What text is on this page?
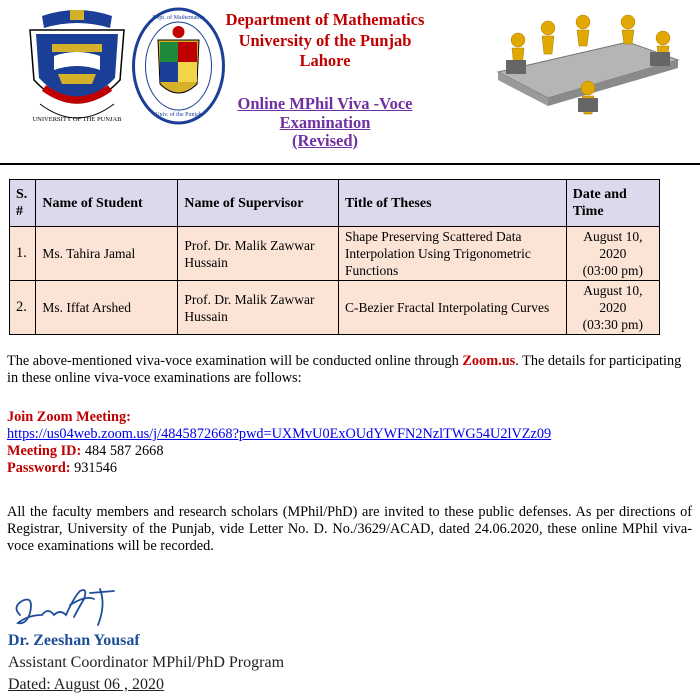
UNIVERSITY OF THE PUNJAB
Dept. of Mathematics
Univ. of the Punjab
Department of Mathematics
University of the Punjab
Lahore
Online MPhil Viva -Voce
Examination
(Revised)
S. #	Name of Student	Name of Supervisor	Title of Theses	Date and Time
1.	Ms. Tahira Jamal	Prof. Dr. Malik Zawwar Hussain	Shape Preserving Scattered Data Interpolation Using Trigonometric Functions	August 10, 2020
(03:00 pm)

2.	Ms. Iffat Arshed	Prof. Dr. Malik Zawwar Hussain	C-Bezier Fractal Interpolating Curves	August 10, 2020
(03:30 pm)
The above-mentioned viva-voce examination will be conducted online through Zoom.us. The details for participating in these online viva-voce examinations are follows:
Join Zoom Meeting:
https://us04web.zoom.us/j/4845872668?pwd=UXMvU0ExOUdYWFN2NzlTWG54U2lVZz09
Meeting ID: 484 587 2668
Password: 931546
All the faculty members and research scholars (MPhil/PhD) are invited to these public defenses. As per directions of Registrar, University of the Punjab, vide Letter No. D. No./3629/ACAD, dated 24.06.2020, these online MPhil viva-voce examinations will be recorded.
Dr. Zeeshan Yousaf
Assistant Coordinator MPhil/PhD Program
Dated: August 06 , 2020
